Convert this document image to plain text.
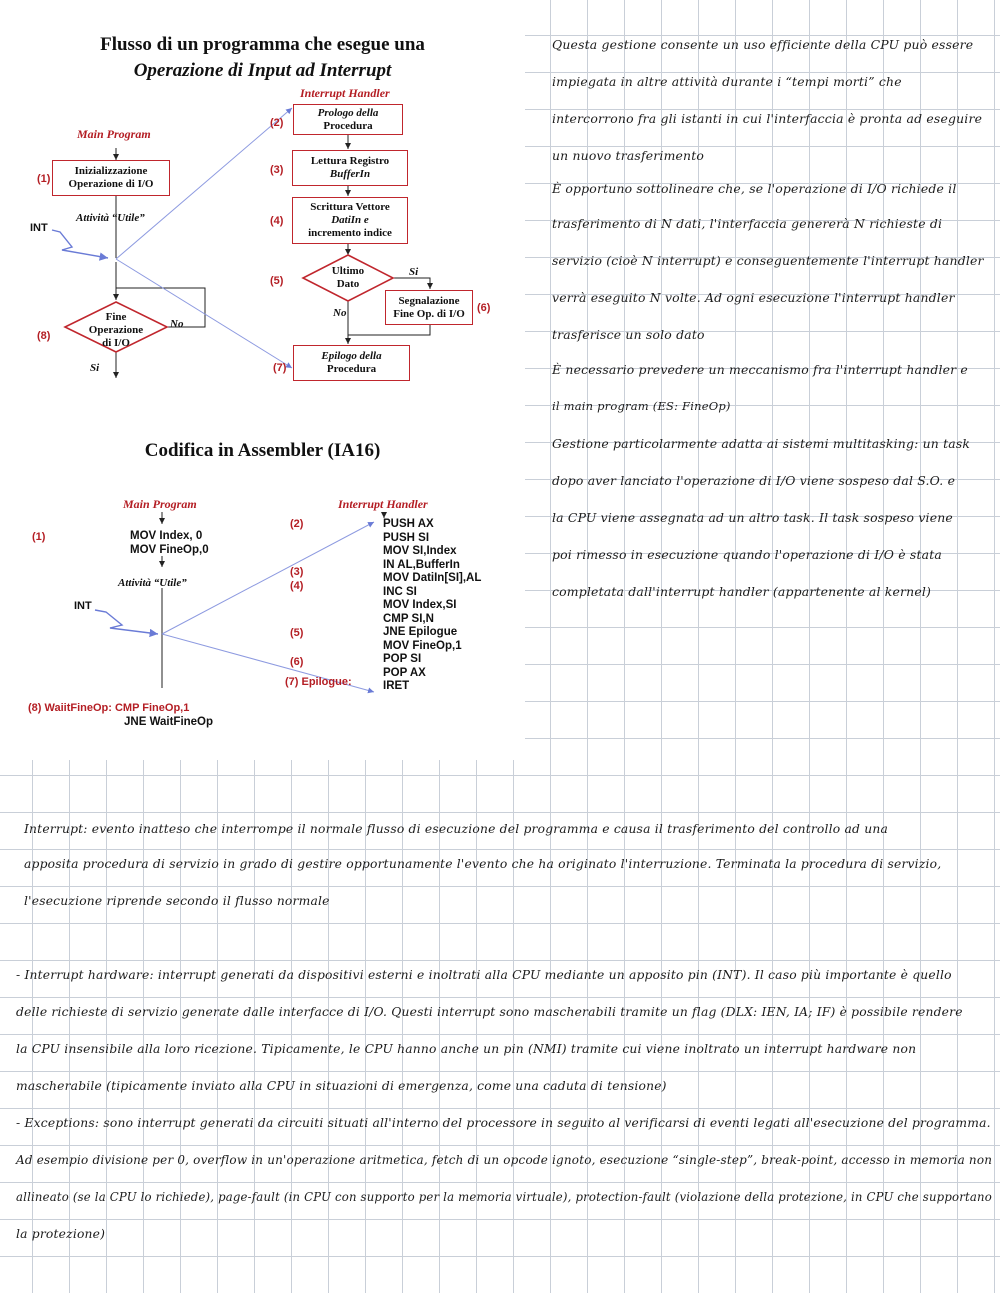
Flusso di un programma che esegue una
Operazione di Input ad Interrupt
Interrupt Handler
Main Program
(1)
(2)
(3)
(4)
(5)
(6)
(7)
(8)
Inizializzazione
Operazione di I/O
Attività “Utile”
INT
Prologo della
Procedura
Lettura Registro
BufferIn
Scrittura Vettore
DatiIn e
incremento indice
Ultimo
Dato
Si
No
Segnalazione
Fine Op. di I/O
Epilogo della
Procedura
Fine
Operazione
di I/O
No
Si
Codifica in Assembler (IA16)
Main Program	Interrupt Handler
(1)
(2)
(3)
(4)
(5)
(6)
(7) Epilogue:
(8) WaiitFineOp: CMP FineOp,1
MOV Index, 0
MOV FineOp,0
Attività “Utile”
INT
PUSH AX
PUSH SI
MOV SI,Index
IN AL,BufferIn
MOV DatiIn[SI],AL
INC SI
MOV Index,SI
CMP SI,N
JNE Epilogue
MOV FineOp,1
POP SI
POP AX
IRET
JNE WaitFineOp
Questa gestione consente un uso efficiente della CPU può essere
impiegata in altre attività durante i “tempi morti” che
intercorrono fra gli istanti in cui l'interfaccia è pronta ad eseguire
un nuovo trasferimento
È opportuno sottolineare che, se l'operazione di I/O richiede il
trasferimento di N dati, l'interfaccia genererà N richieste di
servizio (cioè N interrupt) e conseguentemente l'interrupt handler
verrà eseguito N volte. Ad ogni esecuzione l'interrupt handler
trasferisce un solo dato
È necessario prevedere un meccanismo fra l'interrupt handler e
il main program (ES: FineOp)
Gestione particolarmente adatta ai sistemi multitasking: un task
dopo aver lanciato l'operazione di I/O viene sospeso dal S.O. e
la CPU viene assegnata ad un altro task. Il task sospeso viene
poi rimesso in esecuzione quando l'operazione di I/O è stata
completata dall'interrupt handler (appartenente al kernel)
Interrupt: evento inatteso che interrompe il normale flusso di esecuzione del programma e causa il trasferimento del controllo ad una
apposita procedura di servizio in grado di gestire opportunamente l'evento che ha originato l'interruzione. Terminata la procedura di servizio,
l'esecuzione riprende secondo il flusso normale
- Interrupt hardware: interrupt generati da dispositivi esterni e inoltrati alla CPU mediante un apposito pin (INT). Il caso più importante è quello
delle richieste di servizio generate dalle interfacce di I/O. Questi interrupt sono mascherabili tramite un flag (DLX: IEN, IA; IF) è possibile rendere
la CPU insensibile alla loro ricezione. Tipicamente, le CPU hanno anche un pin (NMI) tramite cui viene inoltrato un interrupt hardware non
mascherabile (tipicamente inviato alla CPU in situazioni di emergenza, come una caduta di tensione)
- Exceptions: sono interrupt generati da circuiti situati all'interno del processore in seguito al verificarsi di eventi legati all'esecuzione del programma.
Ad esempio divisione per 0, overflow in un'operazione aritmetica, fetch di un opcode ignoto, esecuzione “single-step”, break-point, accesso in memoria non
allineato (se la CPU lo richiede), page-fault (in CPU con supporto per la memoria virtuale), protection-fault (violazione della protezione, in CPU che supportano
la protezione)
